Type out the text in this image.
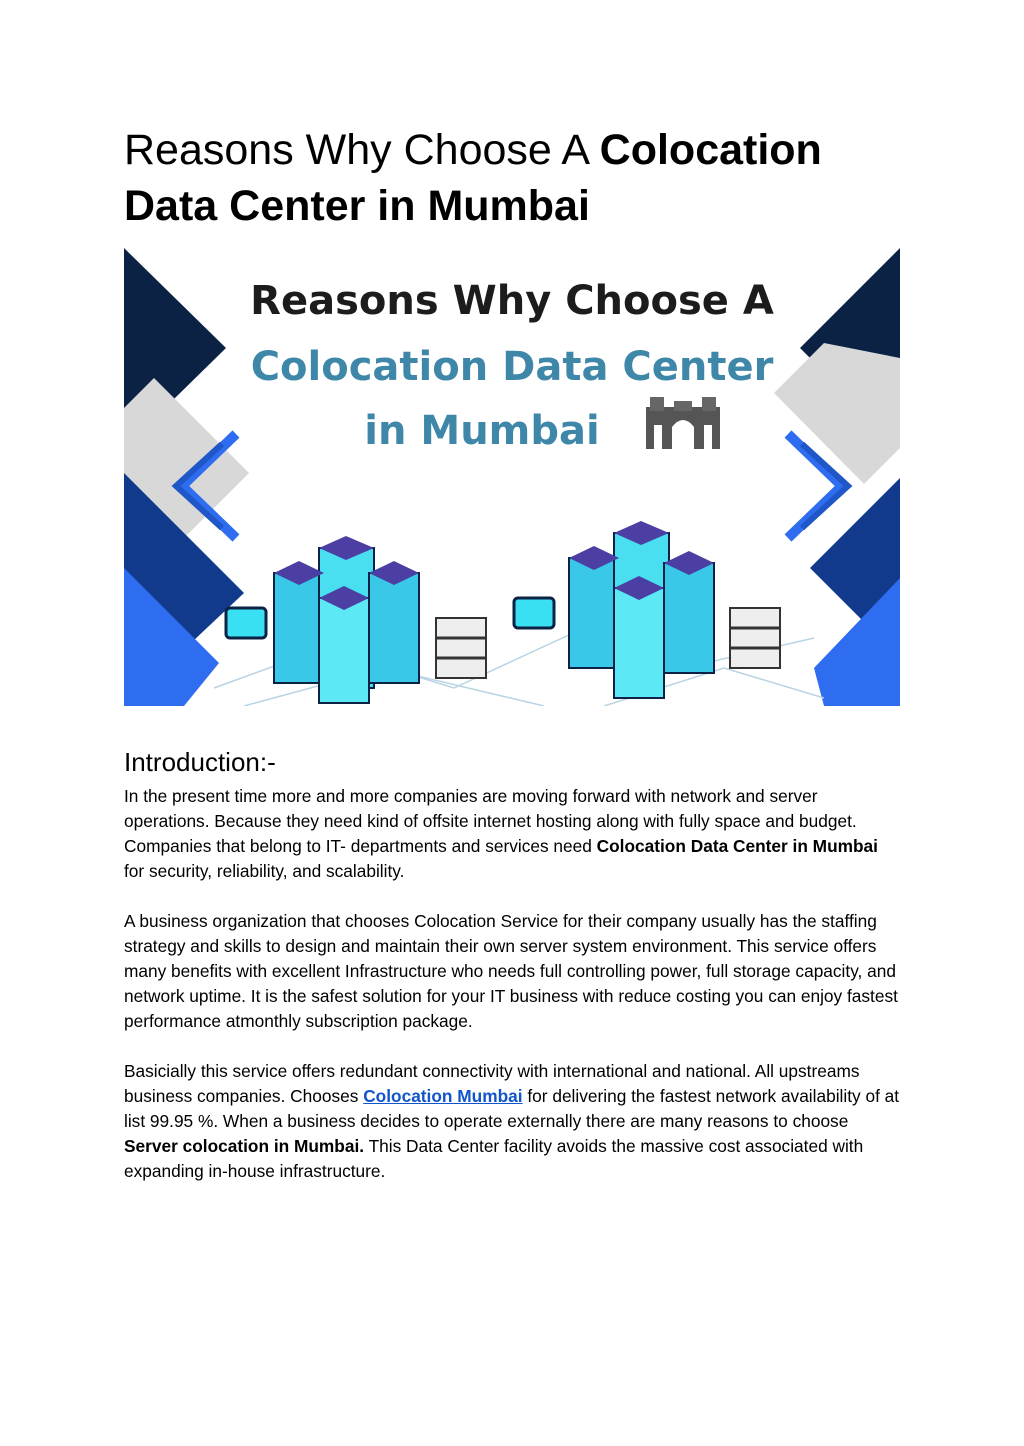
Reasons Why Choose A Colocation
Data Center in Mumbai
Reasons Why Choose A
Colocation Data Center
in Mumbai
Introduction:-

In the present time more and more companies are moving forward with network and server operations. Because they need kind of offsite internet hosting along with fully space and budget. Companies that belong to IT- departments and services need Colocation Data Center in Mumbai for security, reliability, and scalability.

A business organization that chooses Colocation Service for their company usually has the staffing strategy and skills to design and maintain their own server system environment. This service offers many benefits with excellent Infrastructure who needs full controlling power, full storage capacity, and network uptime. It is the safest solution for your IT business with reduce costing you can enjoy fastest performance atmonthly subscription package.

Basicially this service offers redundant connectivity with international and national. All upstreams business companies. Chooses Colocation Mumbai for delivering the fastest network availability of at list 99.95 %. When a business decides to operate externally there are many reasons to choose Server colocation in Mumbai. This Data Center facility avoids the massive cost associated with expanding in-house infrastructure.
